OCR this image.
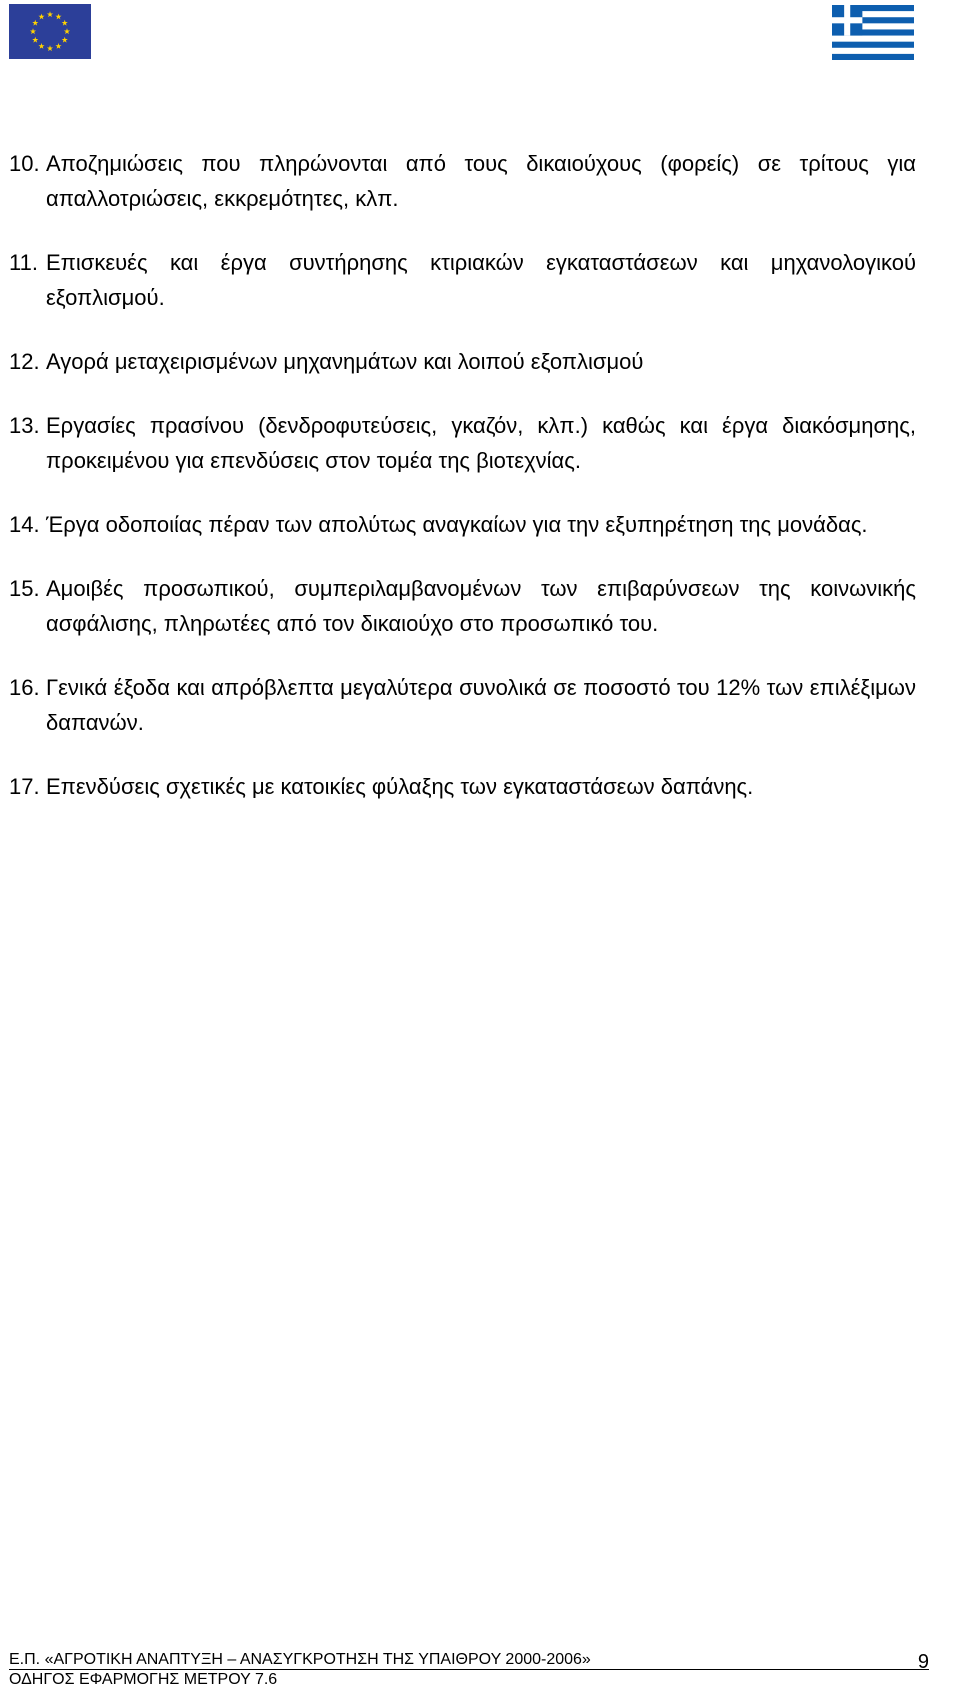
10. Αποζημιώσεις που πληρώνονται από τους δικαιούχους (φορείς) σε τρίτους για απαλλοτριώσεις, εκκρεμότητες, κλπ.
11. Επισκευές και έργα συντήρησης κτιριακών εγκαταστάσεων και μηχανολογικού εξοπλισμού.
12. Αγορά μεταχειρισμένων μηχανημάτων και λοιπού εξοπλισμού
13. Εργασίες πρασίνου (δενδροφυτεύσεις, γκαζόν, κλπ.) καθώς και έργα διακόσμησης, προκειμένου για επενδύσεις στον τομέα της βιοτεχνίας.
14. Έργα οδοποιίας πέραν των απολύτως αναγκαίων για την εξυπηρέτηση της μονάδας.
15. Αμοιβές προσωπικού, συμπεριλαμβανομένων των επιβαρύνσεων της κοινωνικής ασφάλισης, πληρωτέες από τον δικαιούχο στο προσωπικό του.
16. Γενικά έξοδα και απρόβλεπτα μεγαλύτερα συνολικά σε ποσοστό του 12% των επιλέξιμων δαπανών.
17. Επενδύσεις σχετικές με κατοικίες φύλαξης των εγκαταστάσεων δαπάνης.
Ε.Π. «ΑΓΡΟΤΙΚΗ ΑΝΑΠΤΥΞΗ – ΑΝΑΣΥΓΚΡΟΤΗΣΗ ΤΗΣ ΥΠΑΙΘΡΟΥ 2000-2006»	9
ΟΔΗΓΟΣ ΕΦΑΡΜΟΓΗΣ ΜΕΤΡΟΥ 7.6
